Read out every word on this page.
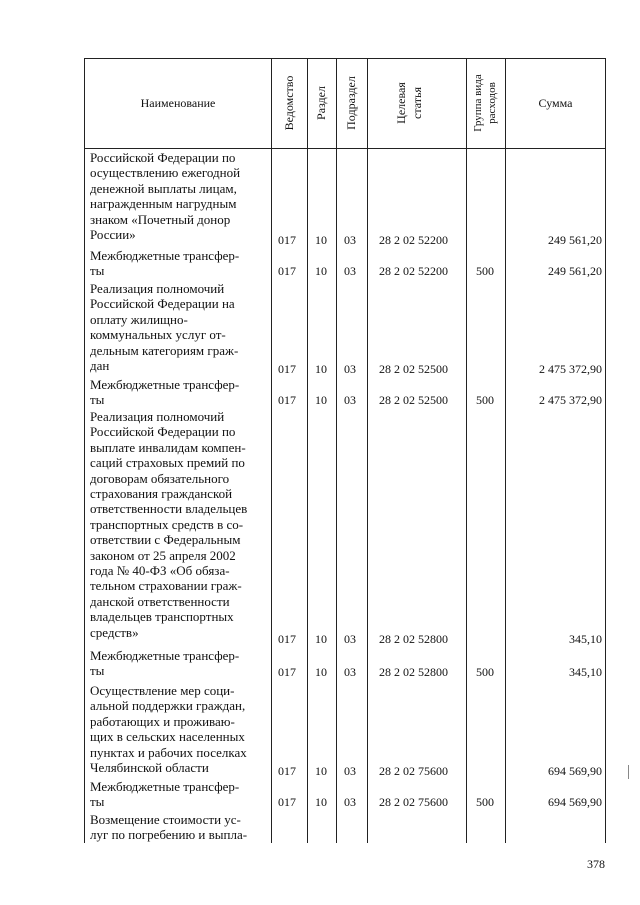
Наименование	Ведомство Раздел Подраздел	Целевая статья	Группа вида расходов	Сумма
Российской Федерации по
осуществлению ежегодной
денежной выплаты лицам,
награжденным нагрудным
знаком «Почетный донор
России»	017 10 03 28 2 02 52200	249 561,20
Межбюджетные трансфер-
ты	017 10 03 28 2 02 52200 500	249 561,20
Реализация полномочий
Российской Федерации на
оплату жилищно-
коммунальных услуг от-
дельным категориям граж-
дан	017 10 03 28 2 02 52500	2 475 372,90
Межбюджетные трансфер-
ты	017 10 03 28 2 02 52500 500	2 475 372,90
Реализация полномочий
Российской Федерации по
выплате инвалидам компен-
саций страховых премий по
договорам обязательного
страхования гражданской
ответственности владельцев
транспортных средств в со-
ответствии с Федеральным
законом от 25 апреля 2002
года № 40-ФЗ «Об обяза-
тельном страховании граж-
данской ответственности
владельцев транспортных
средств»	017 10 03 28 2 02 52800	345,10
Межбюджетные трансфер-
ты	017 10 03 28 2 02 52800 500	345,10
Осуществление мер соци-
альной поддержки граждан,
работающих и проживаю-
щих в сельских населенных
пунктах и рабочих поселках
Челябинской области	017 10 03 28 2 02 75600	694 569,90
Межбюджетные трансфер-
ты	017 10 03 28 2 02 75600 500	694 569,90
Возмещение стоимости ус-
луг по погребению и выпла-
378
